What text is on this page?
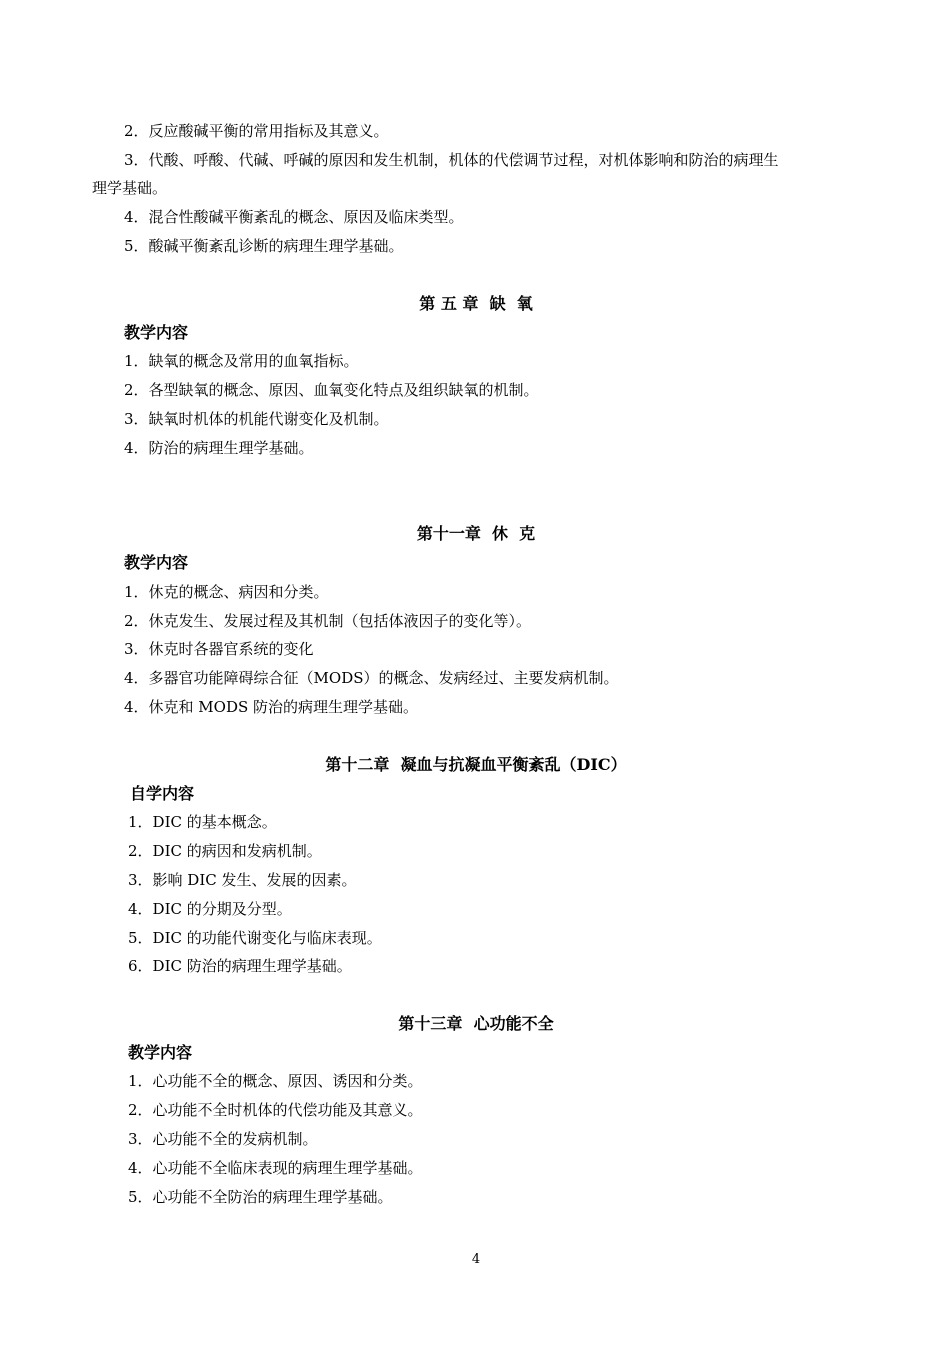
2．反应酸碱平衡的常用指标及其意义。
3．代酸、呼酸、代碱、呼碱的原因和发生机制，机体的代偿调节过程，对机体影响和防治的病理生
理学基础。
4．混合性酸碱平衡紊乱的概念、原因及临床类型。
5．酸碱平衡紊乱诊断的病理生理学基础。
第 五 章  缺  氧
教学内容
1．缺氧的概念及常用的血氧指标。
2．各型缺氧的概念、原因、血氧变化特点及组织缺氧的机制。
3．缺氧时机体的机能代谢变化及机制。
4．防治的病理生理学基础。
第十一章  休  克
教学内容
1．休克的概念、病因和分类。
2．休克发生、发展过程及其机制（包括体液因子的变化等）。
3．休克时各器官系统的变化
4．多器官功能障碍综合征（MODS）的概念、发病经过、主要发病机制。
4．休克和 MODS 防治的病理生理学基础。
第十二章  凝血与抗凝血平衡紊乱（DIC）
自学内容
1．DIC 的基本概念。
2．DIC 的病因和发病机制。
3．影响 DIC 发生、发展的因素。
4．DIC 的分期及分型。
5．DIC 的功能代谢变化与临床表现。
6．DIC 防治的病理生理学基础。
第十三章  心功能不全
教学内容
1．心功能不全的概念、原因、诱因和分类。
2．心功能不全时机体的代偿功能及其意义。
3．心功能不全的发病机制。
4．心功能不全临床表现的病理生理学基础。
5．心功能不全防治的病理生理学基础。
4
